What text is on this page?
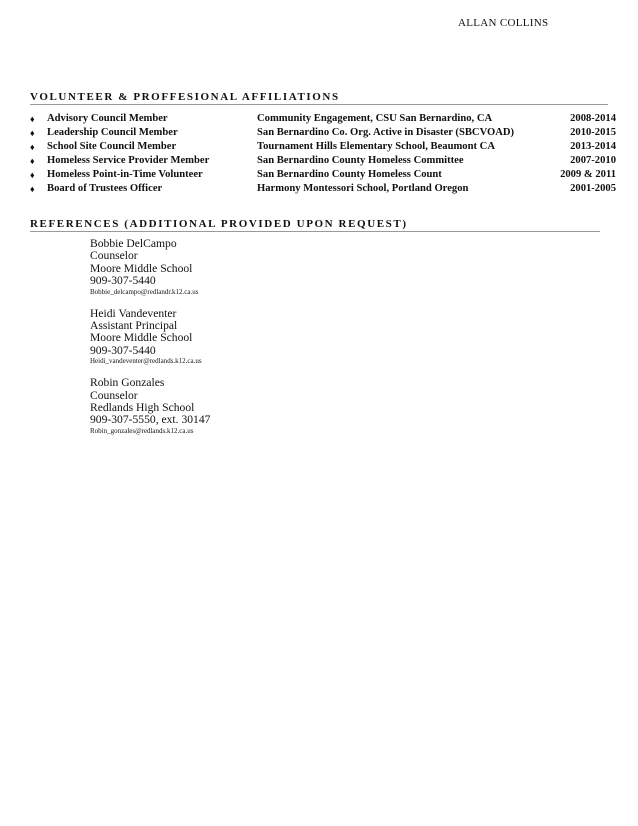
ALLAN COLLINS
VOLUNTEER & PROFFESIONAL AFFILIATIONS
♦ Advisory Council Member	Community Engagement, CSU San Bernardino, CA	2008-2014
♦ Leadership Council Member	San Bernardino Co. Org. Active in Disaster (SBCVOAD)	2010-2015
♦ School Site Council Member	Tournament Hills Elementary School, Beaumont CA	2013-2014
♦ Homeless Service Provider Member	San Bernardino County Homeless Committee	2007-2010
♦ Homeless Point-in-Time Volunteer	San Bernardino County Homeless Count	2009 & 2011
♦ Board of Trustees Officer	Harmony Montessori School, Portland Oregon	2001-2005
REFERENCES (ADDITIONAL PROVIDED UPON REQUEST)
Bobbie DelCampo
Counselor
Moore Middle School
909-307-5440
Bobbie_delcampo@redlandr.k12.ca.us
Heidi Vandeventer
Assistant Principal
Moore Middle School
909-307-5440
Heidi_vandeventer@redlands.k12.ca.us
Robin Gonzales
Counselor
Redlands High School
909-307-5550, ext. 30147
Robin_gonzales@redlands.k12.ca.us
